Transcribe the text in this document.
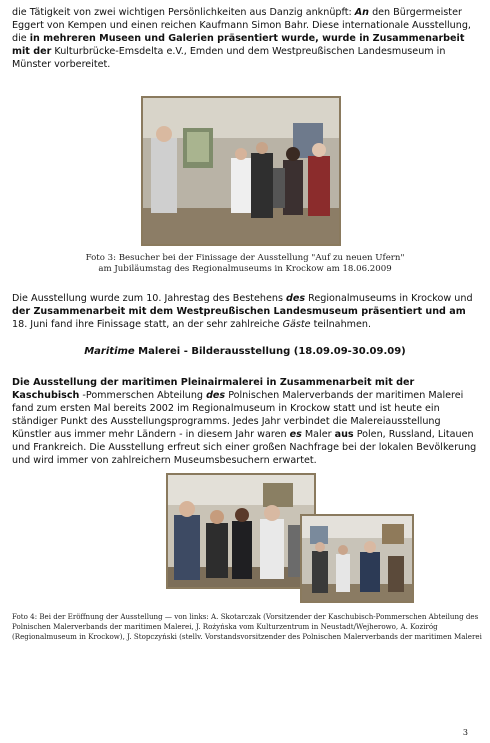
die Tätigkeit von zwei wichtigen Persönlichkeiten aus Danzig anknüpft: An den Bürgermeister Eggert von Kempen und einen reichen Kaufmann Simon Bahr. Diese internationale Ausstellung, die in mehreren Museen und Galerien präsentiert wurde, wurde in Zusammenarbeit mit der Kulturbrücke-Emsdelta e.V., Emden und dem Westpreußischen Landesmuseum in Münster vorbereitet.

Foto 3: Besucher bei der Finissage der Ausstellung "Auf zu neuen Ufern"
am Jubiläumstag des Regionalmuseums in Krockow am 18.06.2009

Die Ausstellung wurde zum 10. Jahrestag des Bestehens des Regionalmuseums in Krockow und der Zusammenarbeit mit dem Westpreußischen Landesmuseum präsentiert und am 18. Juni fand ihre Finissage statt, an der sehr zahlreiche Gäste teilnahmen.

Maritime Malerei - Bilderausstellung (18.09.09-30.09.09)

Die Ausstellung der maritimen Pleinairmalerei in Zusammenarbeit mit der Kaschubisch -Pommerschen Abteilung des Polnischen Malerverbands der maritimen Malerei fand zum ersten Mal bereits 2002 im Regionalmuseum in Krockow statt und ist heute ein ständiger Punkt des Ausstellungsprogramms. Jedes Jahr verbindet die Malereiausstellung Künstler aus immer mehr Ländern - in diesem Jahr waren es Maler aus Polen, Russland, Litauen und Frankreich. Die Ausstellung erfreut sich einer großen Nachfrage bei der lokalen Bevölkerung und wird immer von zahlreichern Museumsbesuchern erwartet.

Foto 4: Bei der Eröffnung der Ausstellung — von links: A. Skotarczak (Vorsitzender der Kaschubisch-Pommerschen Abteilung des Polnischen Malerverbands der maritimen Malerei, J. Rożyńska vom Kulturzentrum in Neustadt/Wejherowo, A. Koziróg (Regionalmuseum in Krockow), J. Stopczyński (stellv. Vorstandsvorsitzender des Polnischen Malerverbands der maritimen Malerei

3
